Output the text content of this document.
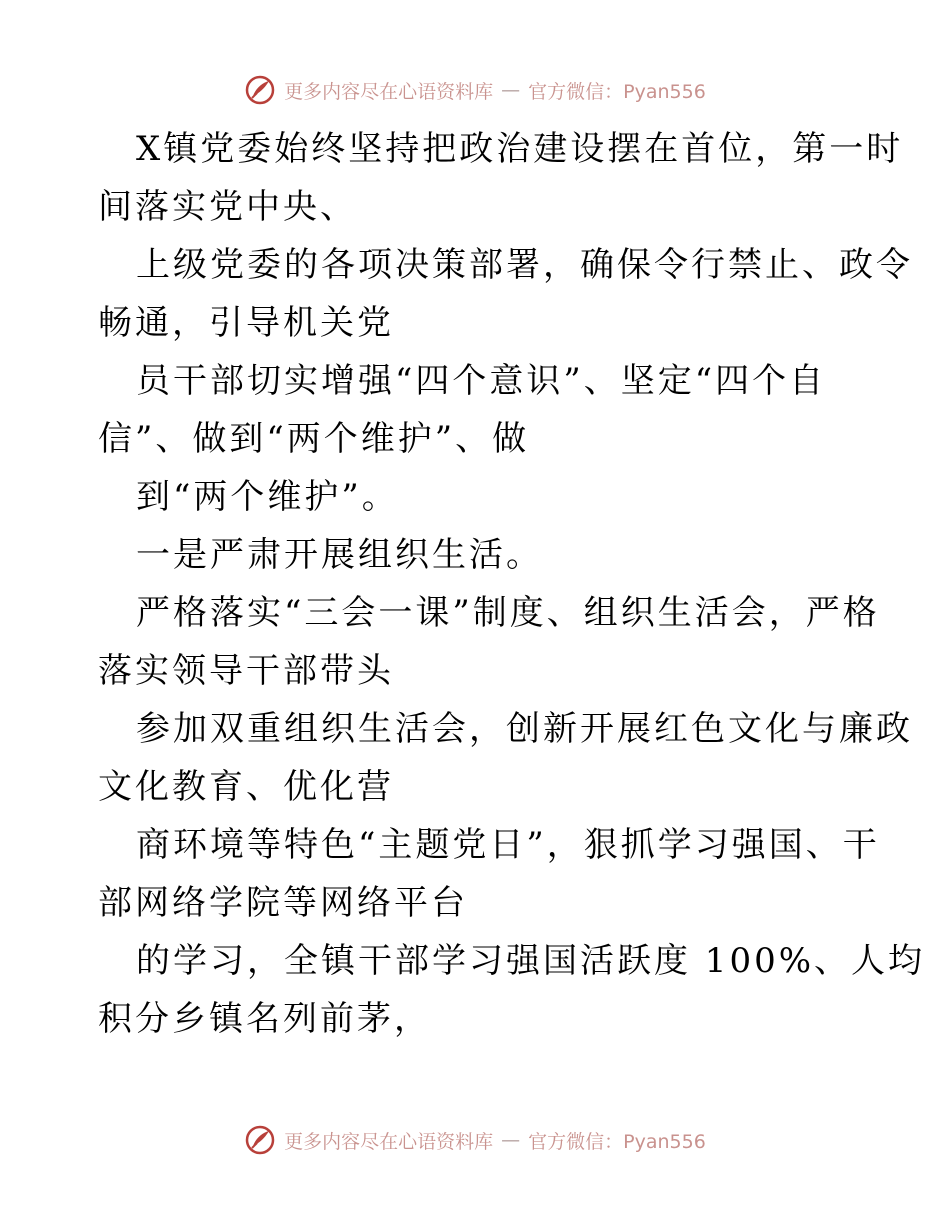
更多内容尽在心语资料库 — 官方微信：Pyan556
X镇党委始终坚持把政治建设摆在首位，第一时
间落实党中央、
上级党委的各项决策部署，确保令行禁止、政令
畅通，引导机关党
员干部切实增强“四个意识”、坚定“四个自
信”、做到“两个维护”、做
到“两个维护”。
一是严肃开展组织生活。
严格落实“三会一课”制度、组织生活会，严格
落实领导干部带头
参加双重组织生活会，创新开展红色文化与廉政
文化教育、优化营
商环境等特色“主题党日”，狠抓学习强国、干
部网络学院等网络平台
的学习，全镇干部学习强国活跃度 100%、人均
积分乡镇名列前茅，
更多内容尽在心语资料库 — 官方微信：Pyan556
